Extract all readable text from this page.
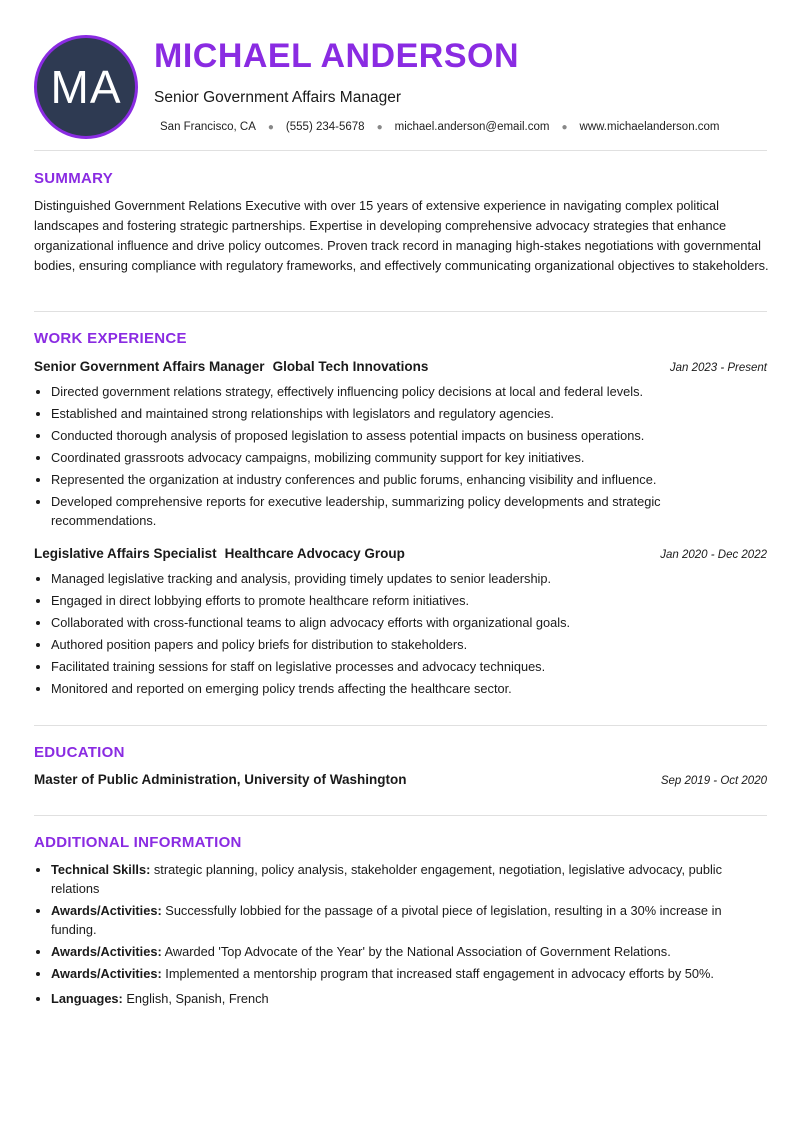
MA
MICHAEL ANDERSON
Senior Government Affairs Manager
San Francisco, CA ● (555) 234-5678 ● michael.anderson@email.com ● www.michaelanderson.com
SUMMARY
Distinguished Government Relations Executive with over 15 years of extensive experience in navigating complex political landscapes and fostering strategic partnerships. Expertise in developing comprehensive advocacy strategies that enhance organizational influence and drive policy outcomes. Proven track record in managing high-stakes negotiations with governmental bodies, ensuring compliance with regulatory frameworks, and effectively communicating organizational objectives to stakeholders.
WORK EXPERIENCE
Senior Government Affairs Manager Global Tech Innovations	Jan 2023 - Present
• Directed government relations strategy, effectively influencing policy decisions at local and federal levels.
• Established and maintained strong relationships with legislators and regulatory agencies.
• Conducted thorough analysis of proposed legislation to assess potential impacts on business operations.
• Coordinated grassroots advocacy campaigns, mobilizing community support for key initiatives.
• Represented the organization at industry conferences and public forums, enhancing visibility and influence.
• Developed comprehensive reports for executive leadership, summarizing policy developments and strategic recommendations.
Legislative Affairs Specialist Healthcare Advocacy Group	Jan 2020 - Dec 2022
• Managed legislative tracking and analysis, providing timely updates to senior leadership.
• Engaged in direct lobbying efforts to promote healthcare reform initiatives.
• Collaborated with cross-functional teams to align advocacy efforts with organizational goals.
• Authored position papers and policy briefs for distribution to stakeholders.
• Facilitated training sessions for staff on legislative processes and advocacy techniques.
• Monitored and reported on emerging policy trends affecting the healthcare sector.
EDUCATION
Master of Public Administration, University of Washington	Sep 2019 - Oct 2020
ADDITIONAL INFORMATION
• Technical Skills: strategic planning, policy analysis, stakeholder engagement, negotiation, legislative advocacy, public relations
• Awards/Activities: Successfully lobbied for the passage of a pivotal piece of legislation, resulting in a 30% increase in funding.
• Awards/Activities: Awarded 'Top Advocate of the Year' by the National Association of Government Relations.
• Awards/Activities: Implemented a mentorship program that increased staff engagement in advocacy efforts by 50%.
• Languages: English, Spanish, French
